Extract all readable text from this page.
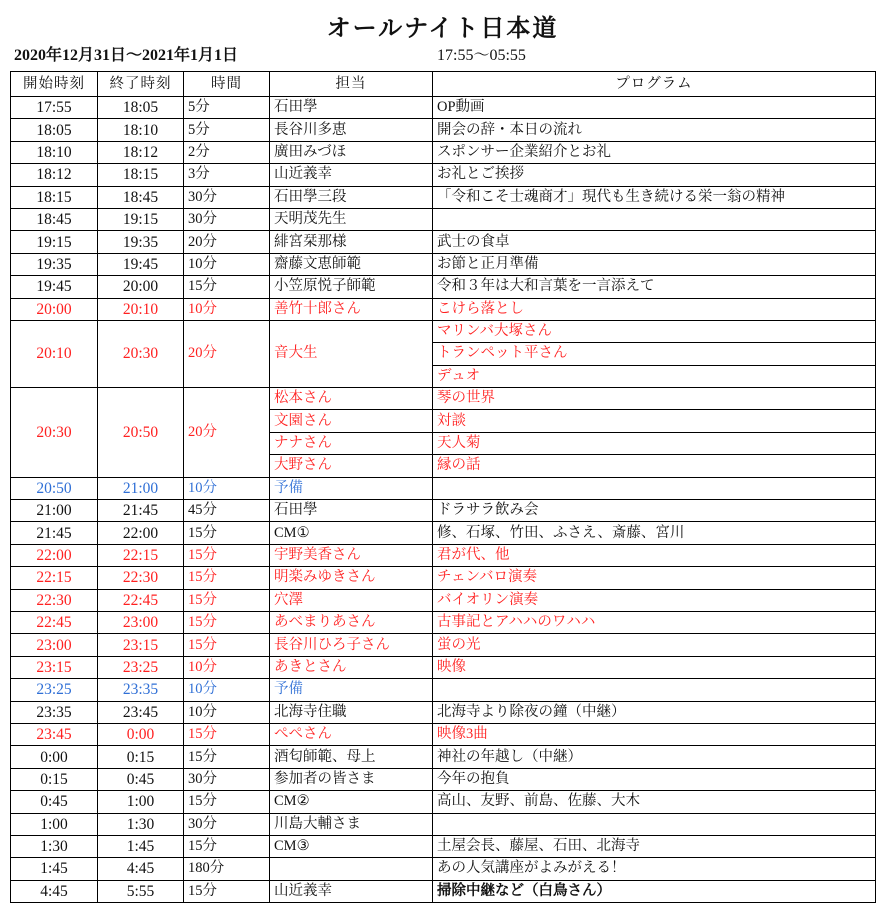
オールナイト日本道
2020年12月31日～2021年1月1日	17:55～05:55
開始時刻	終了時刻	時間	担当	プログラム
17:55	18:05	5分	石田學	OP動画
18:05	18:10	5分	長谷川多恵	開会の辞・本日の流れ
18:10	18:12	2分	廣田みづほ	スポンサー企業紹介とお礼
18:12	18:15	3分	山近義幸	お礼とご挨拶
18:15	18:45	30分	石田學三段	「令和こそ士魂商才」現代も生き続ける栄一翁の精神
18:45	19:15	30分	天明茂先生	
19:15	19:35	20分	緋宮栞那様	武士の食卓
19:35	19:45	10分	齋藤文恵師範	お節と正月準備
19:45	20:00	15分	小笠原悦子師範	令和３年は大和言葉を一言添えて
20:00	20:10	10分	善竹十郎さん	こけら落とし
20:10	20:30	20分	音大生	マリンバ大塚さん
				トランペット平さん
				デュオ
20:30	20:50	20分	松本さん	琴の世界
			文園さん	対談
			ナナさん	天人菊
			大野さん	縁の話
20:50	21:00	10分	予備	
21:00	21:45	45分	石田學	ドラサラ飲み会
21:45	22:00	15分	CM①	修、石塚、竹田、ふさえ、斎藤、宮川
22:00	22:15	15分	宇野美香さん	君が代、他
22:15	22:30	15分	明楽みゆきさん	チェンバロ演奏
22:30	22:45	15分	穴澤	バイオリン演奏
22:45	23:00	15分	あべまりあさん	古事記とアハハのワハハ
23:00	23:15	15分	長谷川ひろ子さん	蛍の光
23:15	23:25	10分	あきとさん	映像
23:25	23:35	10分	予備	
23:35	23:45	10分	北海寺住職	北海寺より除夜の鐘（中継）
23:45	0:00	15分	ぺぺさん	映像3曲
0:00	0:15	15分	酒匂師範、母上	神社の年越し（中継）
0:15	0:45	30分	参加者の皆さま	今年の抱負
0:45	1:00	15分	CM②	高山、友野、前島、佐藤、大木
1:00	1:30	30分	川島大輔さま	
1:30	1:45	15分	CM③	土屋会長、藤屋、石田、北海寺
1:45	4:45	180分		あの人気講座がよみがえる！
4:45	5:55	15分	山近義幸	掃除中継など（白鳥さん）
